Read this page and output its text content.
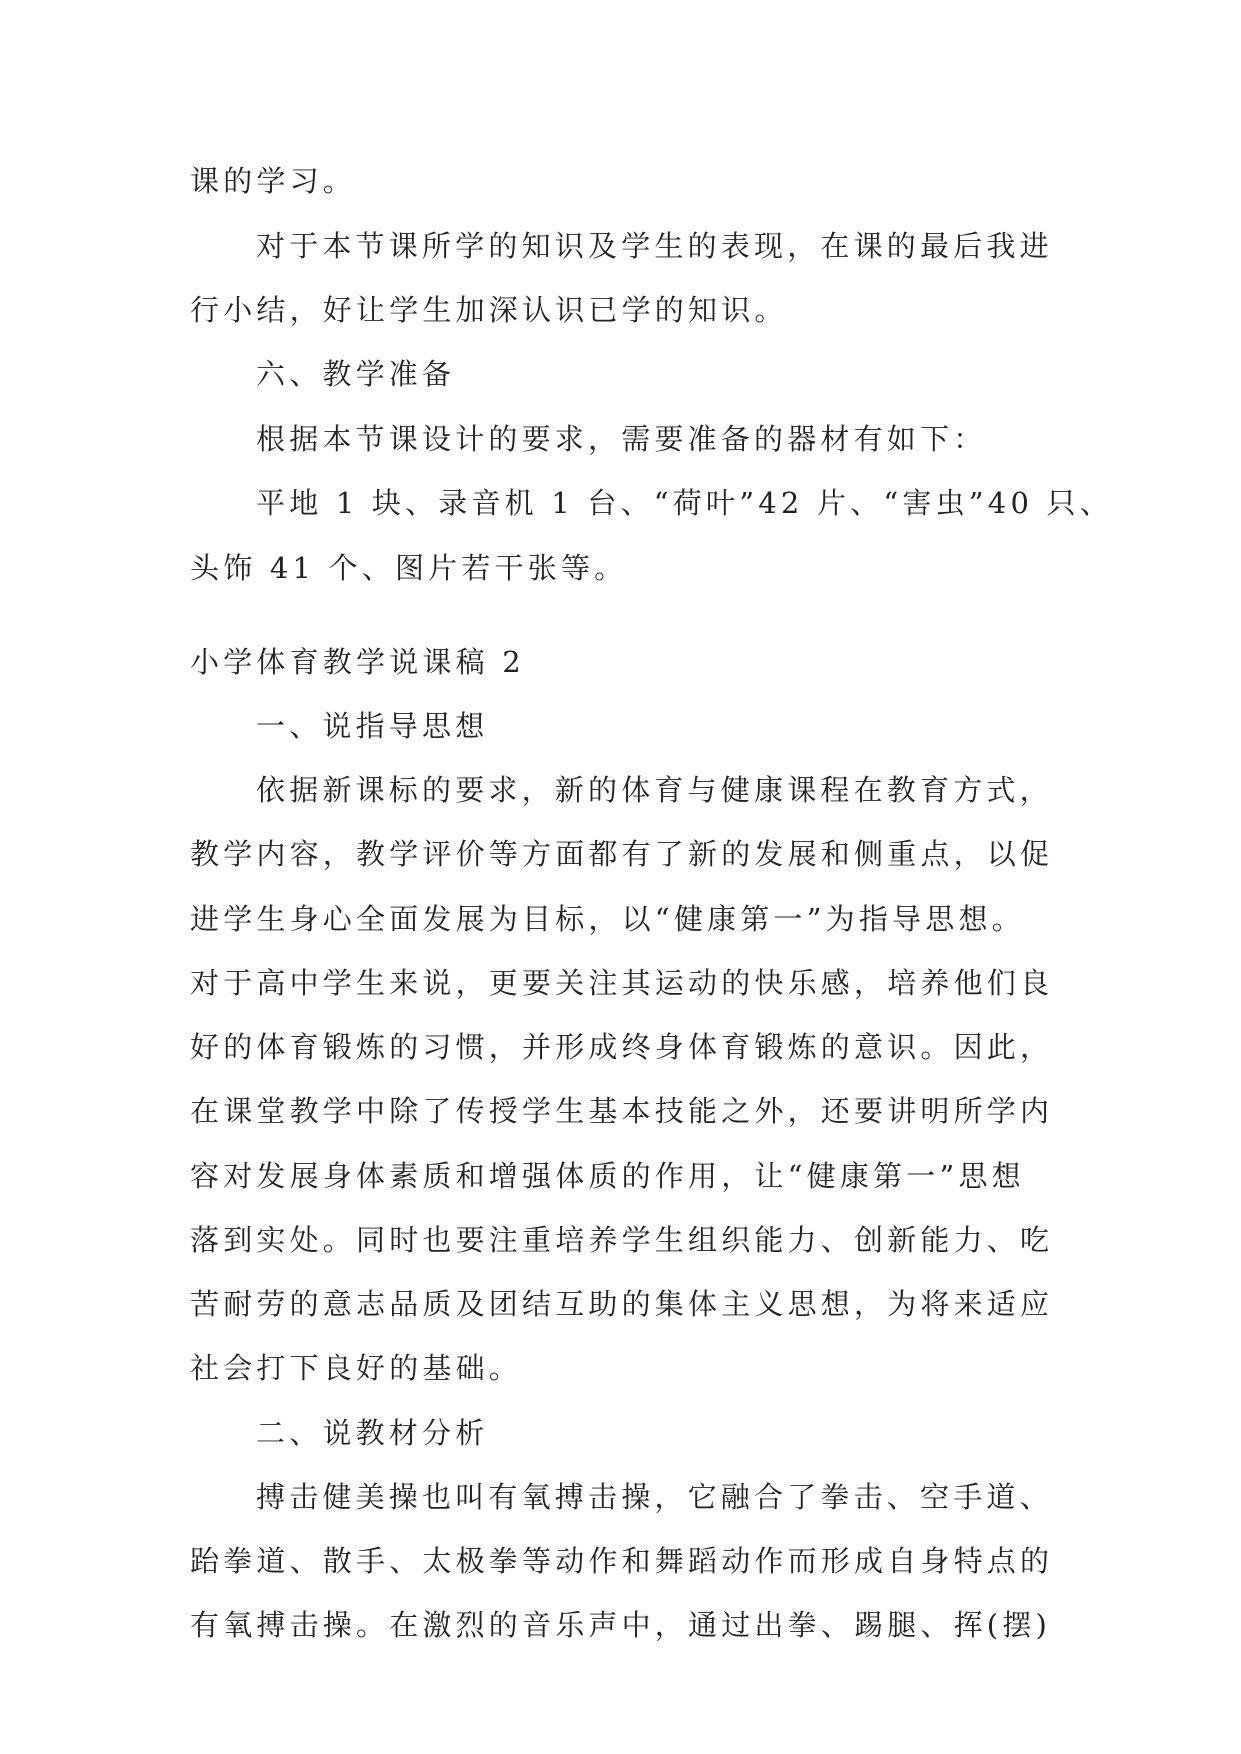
课的学习。

对于本节课所学的知识及学生的表现，在课的最后我进

行小结，好让学生加深认识已学的知识。

六、教学准备

根据本节课设计的要求，需要准备的器材有如下：

平地 1 块、录音机 1 台、“荷叶”42 片、“害虫”40 只、

头饰 41 个、图片若干张等。

小学体育教学说课稿 2

一、说指导思想

依据新课标的要求，新的体育与健康课程在教育方式，

教学内容，教学评价等方面都有了新的发展和侧重点，以促

进学生身心全面发展为目标，以“健康第一”为指导思想。

对于高中学生来说，更要关注其运动的快乐感，培养他们良

好的体育锻炼的习惯，并形成终身体育锻炼的意识。因此，

在课堂教学中除了传授学生基本技能之外，还要讲明所学内

容对发展身体素质和增强体质的作用，让“健康第一”思想

落到实处。同时也要注重培养学生组织能力、创新能力、吃

苦耐劳的意志品质及团结互助的集体主义思想，为将来适应

社会打下良好的基础。

二、说教材分析

搏击健美操也叫有氧搏击操，它融合了拳击、空手道、

跆拳道、散手、太极拳等动作和舞蹈动作而形成自身特点的

有氧搏击操。在激烈的音乐声中，通过出拳、踢腿、挥(摆)
